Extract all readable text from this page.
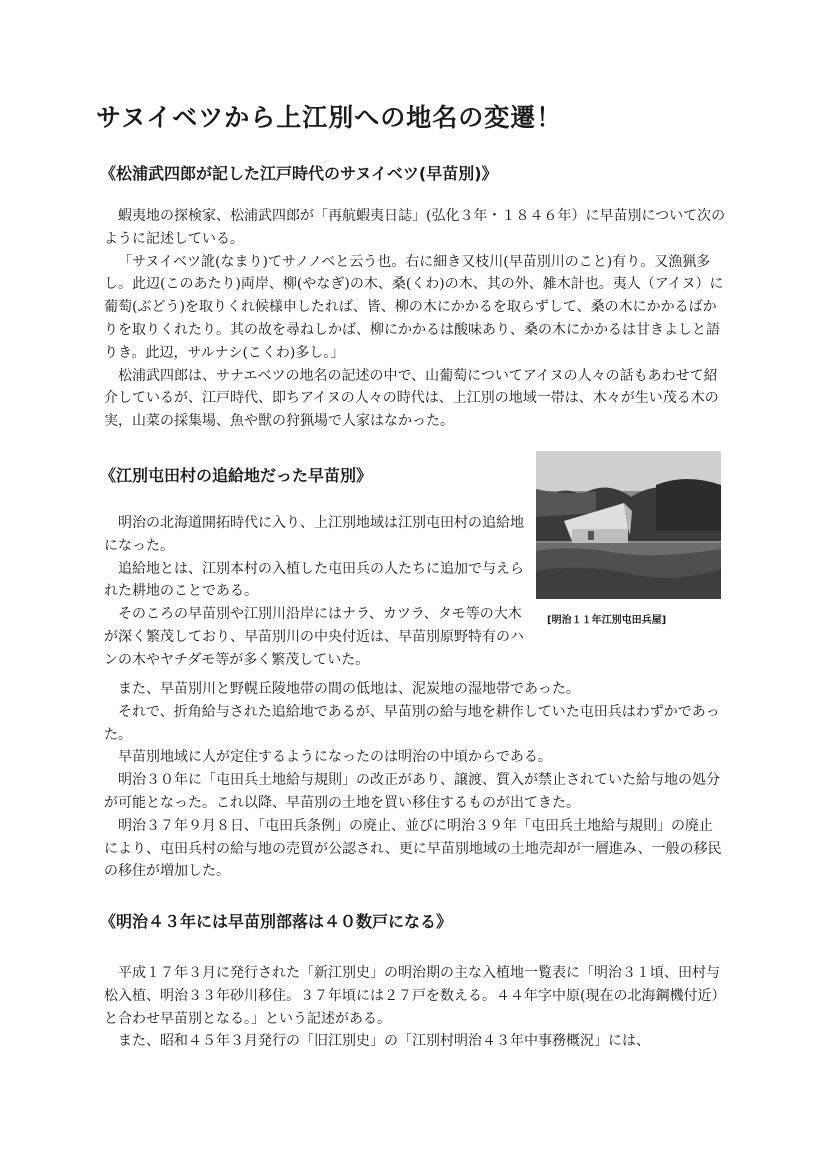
サヌイベツから上江別への地名の変遷！
《松浦武四郎が記した江戸時代のサヌイベツ(早苗別)》

蝦夷地の探検家、松浦武四郎が「再航蝦夷日誌」(弘化３年・１８４６年）に早苗別について次のように記述している。

「サヌイベツ訛(なまり)てサノノベと云う也。右に細き又枝川(早苗別川のこと)有り。又漁猟多し。此辺(このあたり)両岸、柳(やなぎ)の木、桑(くわ)の木、其の外、雑木計也。夷人（アイヌ）に葡萄(ぶどう)を取りくれ候様申したれば、皆、柳の木にかかるを取らずして、桑の木にかかるばかりを取りくれたり。其の故を尋ねしかば、柳にかかるは酸味あり、桑の木にかかるは甘きよしと語りき。此辺，サルナシ(こくわ)多し。」

松浦武四郎は、サナエベツの地名の記述の中で、山葡萄についてアイヌの人々の話もあわせて紹介しているが、江戸時代、即ちアイヌの人々の時代は、上江別の地域一帯は、木々が生い茂る木の実，山菜の採集場、魚や獣の狩猟場で人家はなかった。

《江別屯田村の追給地だった早苗別》

明治の北海道開拓時代に入り、上江別地域は江別屯田村の追給地になった。

追給地とは、江別本村の入植した屯田兵の人たちに追加で与えられた耕地のことである。

そのころの早苗別や江別川沿岸にはナラ、カツラ、タモ等の大木が深く繁茂しており、早苗別川の中央付近は、早苗別原野特有のハンの木やヤチダモ等が多く繁茂していた。

[明治１１年江別屯田兵屋]

また、早苗別川と野幌丘陵地帯の間の低地は、泥炭地の湿地帯であった。

それで、折角給与された追給地であるが、早苗別の給与地を耕作していた屯田兵はわずかであった。

早苗別地域に人が定住するようになったのは明治の中頃からである。

明治３０年に「屯田兵土地給与規則」の改正があり、譲渡、質入が禁止されていた給与地の処分が可能となった。これ以降、早苗別の土地を買い移住するものが出てきた。

明治３７年９月８日、「屯田兵条例」の廃止、並びに明治３９年「屯田兵土地給与規則」の廃止により、屯田兵村の給与地の売買が公認され、更に早苗別地域の土地売却が一層進み、一般の移民の移住が増加した。

《明治４３年には早苗別部落は４０数戸になる》

平成１７年３月に発行された「新江別史」の明治期の主な入植地一覧表に「明治３１頃、田村与松入植、明治３３年砂川移住。３７年頃には２７戸を数える。４４年字中原(現在の北海鋼機付近）と合わせ早苗別となる。」という記述がある。

また、昭和４５年３月発行の「旧江別史」の「江別村明治４３年中事務概況」には、
